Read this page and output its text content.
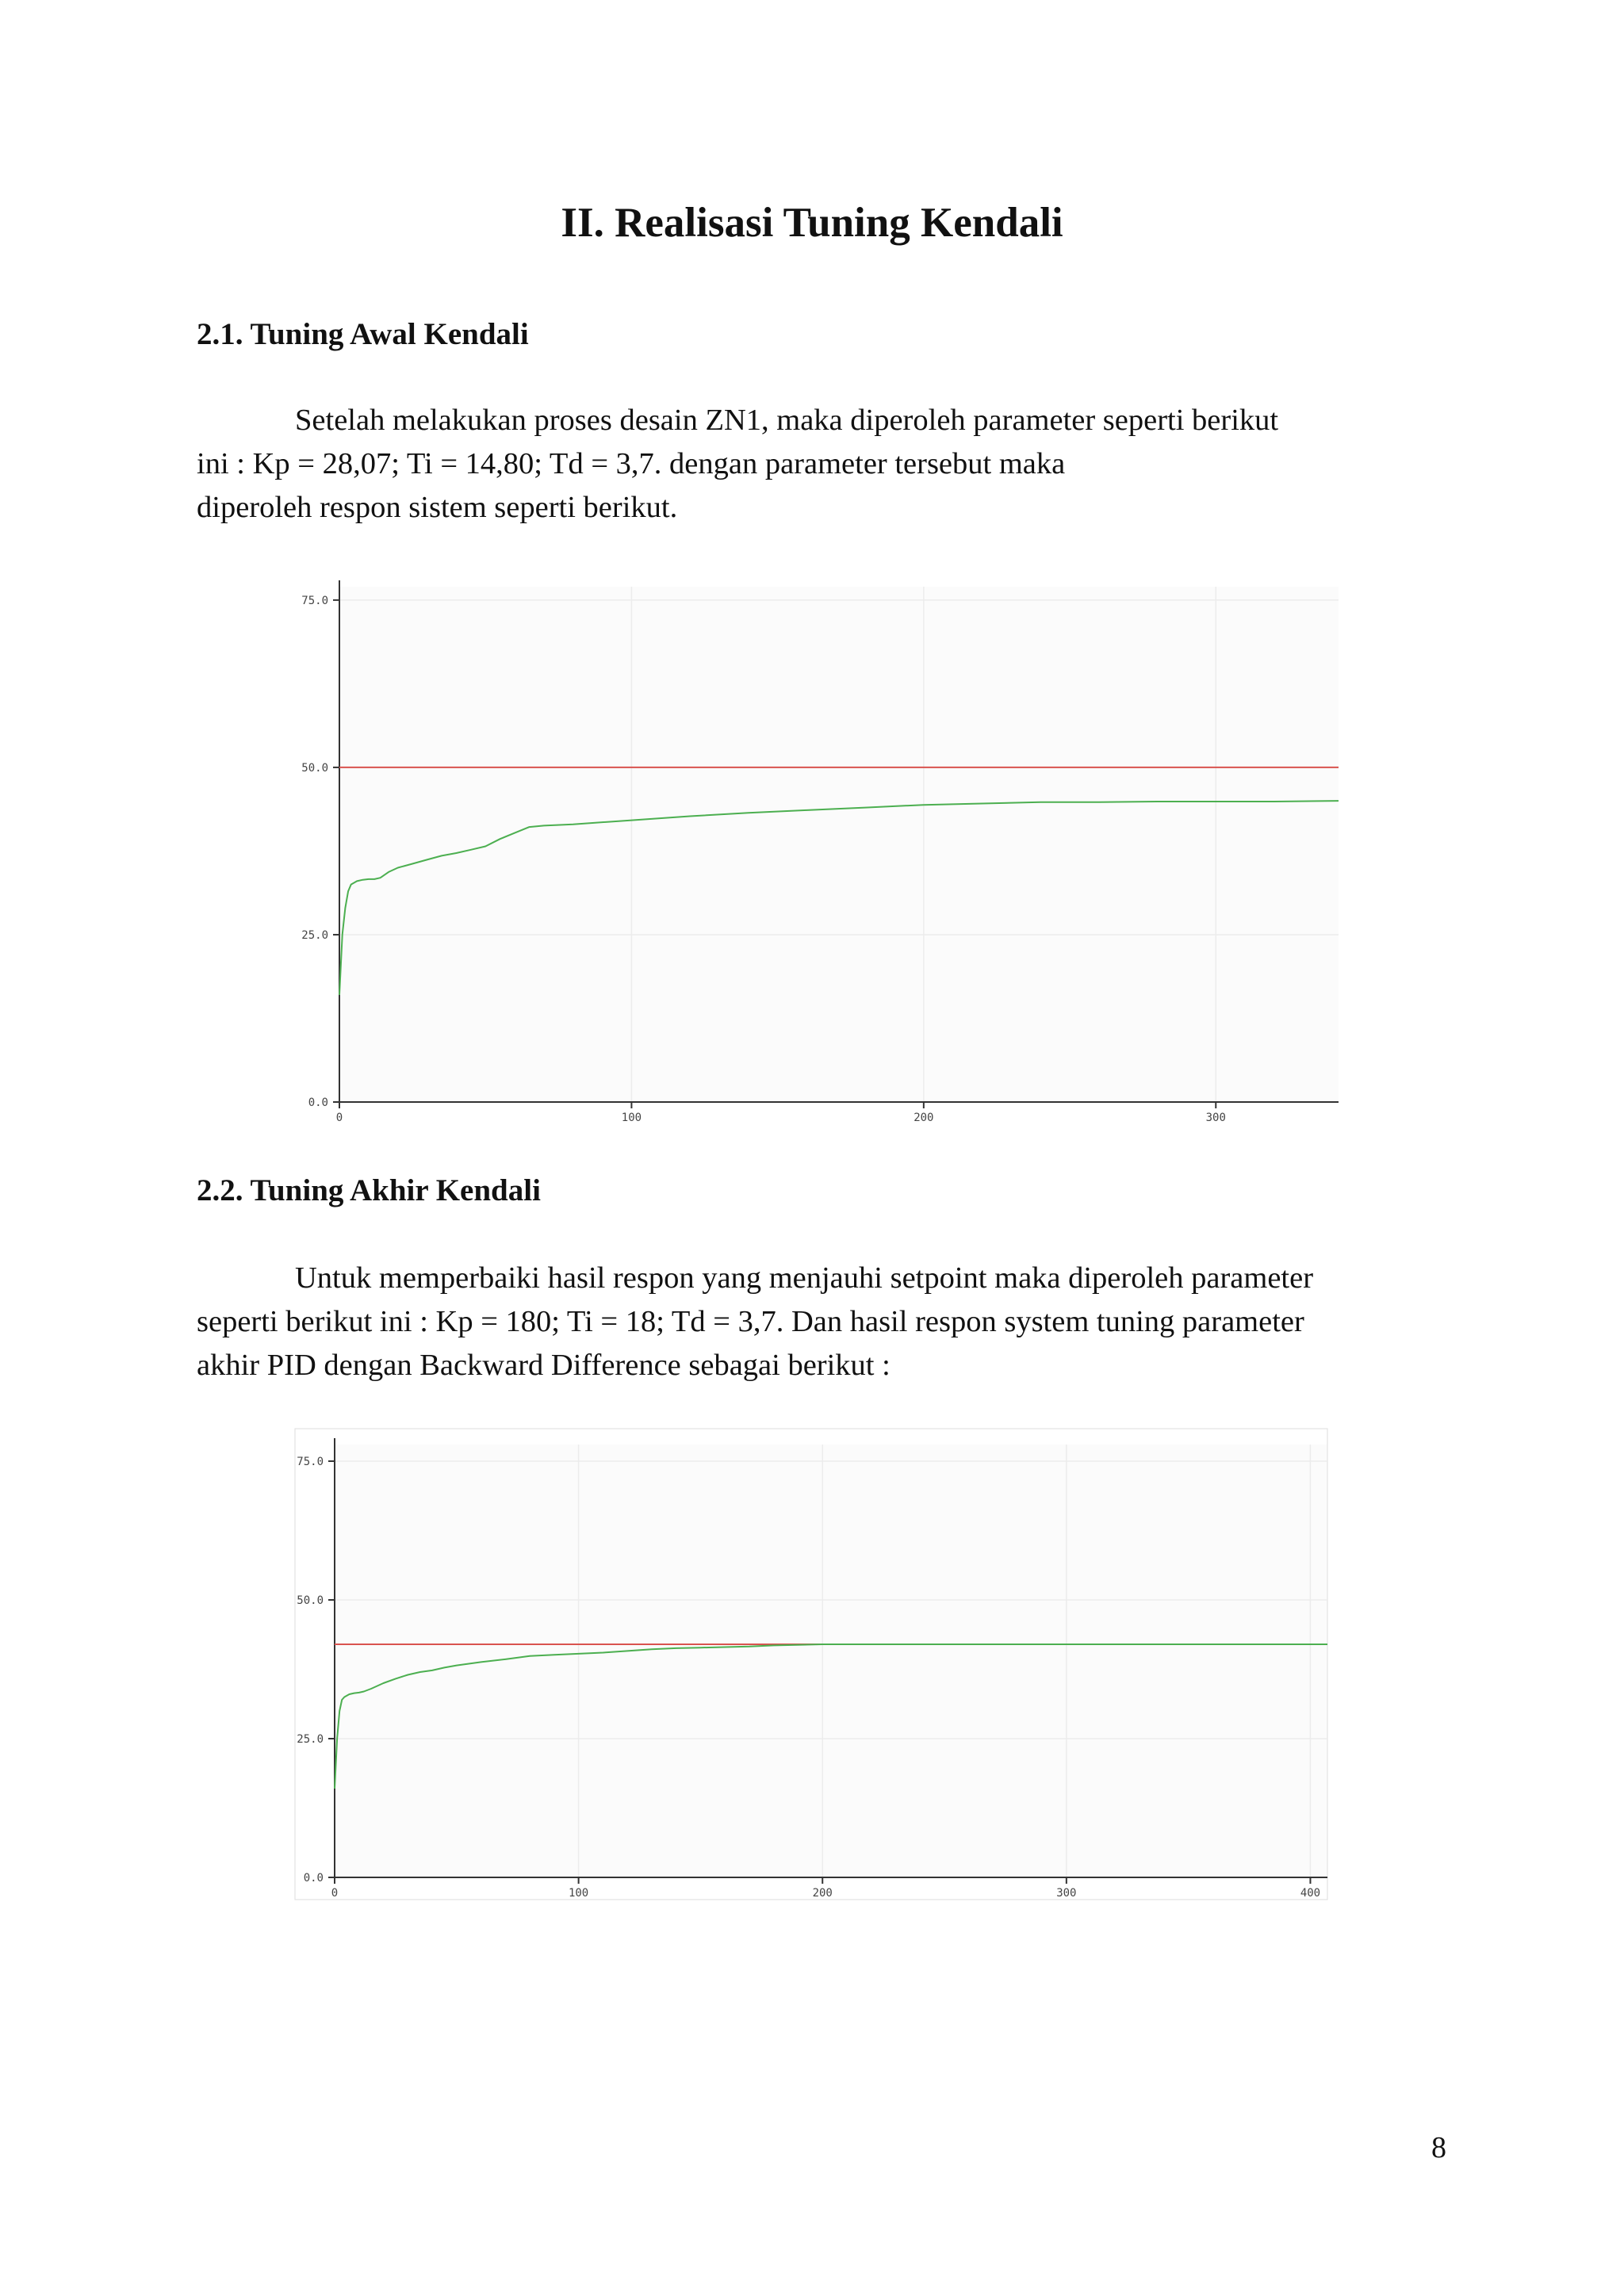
II. Realisasi Tuning Kendali
2.1. Tuning Awal Kendali
Setelah melakukan proses desain ZN1, maka diperoleh parameter seperti berikut
ini : Kp = 28,07; Ti = 14,80; Td = 3,7. dengan parameter tersebut maka
diperoleh respon sistem seperti berikut.
0.0
25.0
50.0
75.0
0	100	200	300
2.2. Tuning Akhir Kendali
Untuk memperbaiki hasil respon yang menjauhi setpoint maka diperoleh parameter
seperti berikut ini : Kp = 180; Ti = 18; Td = 3,7. Dan hasil respon system tuning parameter
akhir PID dengan Backward Difference sebagai berikut :
0.0
25.0
50.0
75.0
0	100	200	300	400
8
